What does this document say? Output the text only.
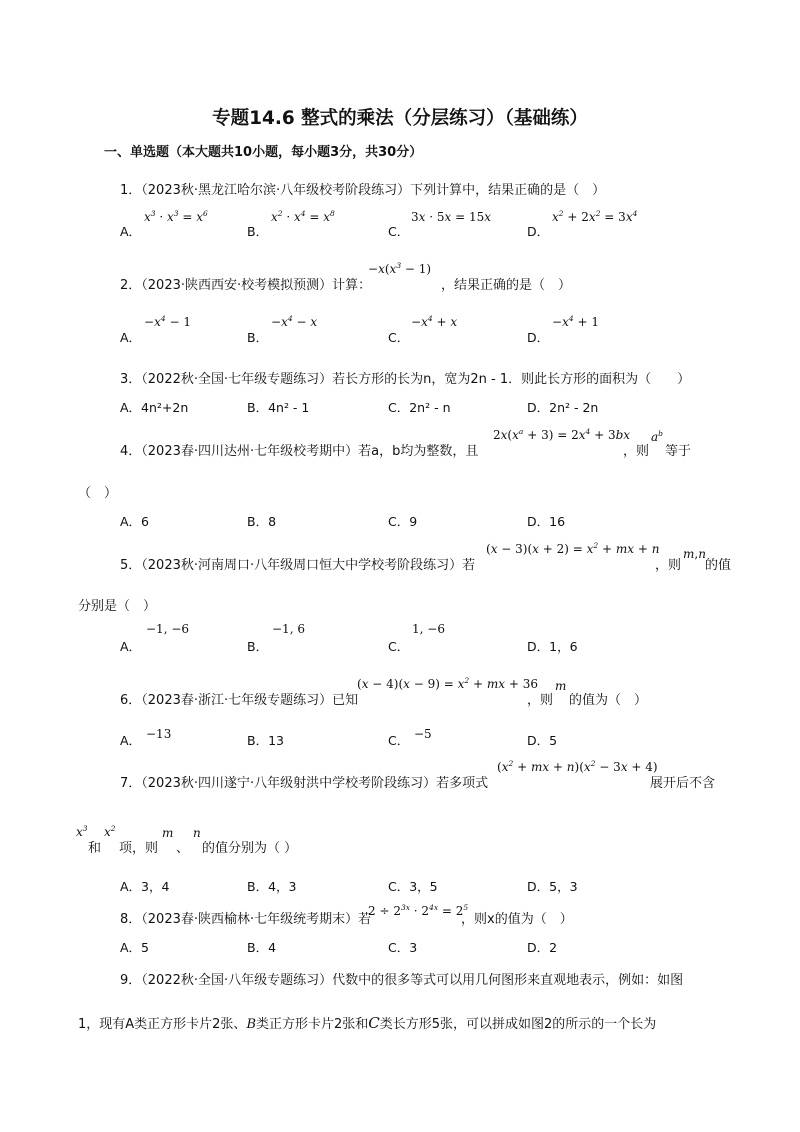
专题14.6 整式的乘法（分层练习）（基础练）
一、单选题（本大题共10小题，每小题3分，共30分）
1．（2023秋·黑龙江哈尔滨·八年级校考阶段练习）下列计算中，结果正确的是（　）
A．
$x^3 \cdot x^3 = x^6$
B．
$x^2 \cdot x^4 = x^8$
C．
3x · 5x = 15x
D．
$x^2 + 2x^2 = 3x^4$
2．（2023·陕西西安·校考模拟预测）计算：
$-x(x^3 - 1)$
，结果正确的是（　）
A．
$-x^4 - 1$
B．
$-x^4 - x$
C．
$-x^4 + x$
D．
$-x^4 + 1$
3．（2022秋·全国·七年级专题练习）若长方形的长为n，宽为2n - 1．则此长方形的面积为（　　）
A．4n²+2n	B．4n² - 1	C．2n² - n	D．2n² - 2n
4．（2023春·四川达州·七年级校考期中）若a，b均为整数，且
$2x(x^a + 3) = 2x^4 + 3bx$
，则
$a^b$
等于
（　）
A．6	B．8	C．9	D．16
5．（2023秋·河南周口·八年级周口恒大中学校考阶段练习）若
$(x - 3)(x + 2) = x^2$ + mx + n
，则
m,n
的值
分别是（　）
A．
−1, −6
B．
−1, 6
C．
1, −6
D．1，6
6．（2023春·浙江·七年级专题练习）已知
$(x - 4)(x - 9) = x^2$ + mx + 36
，则
m
的值为（　）
A． −13	B．13	C． −5	D．5
7．（2023秋·四川遂宁·八年级射洪中学校考阶段练习）若多项式
($x^2$ + mx + $n)(x^2 - 3x + 4)$
展开后不含
$x^3$
和
$x^2$
项，则
m
、
n
的值分别为（ ）
A．3，4	B．4，3	C．3，5	D．5，3
8．（2023春·陕西榆林·七年级统考期末）若
$2 \div 2^{3x} \cdot 2^{4x} = 2^5$
，则x的值为（　）
A．5	B．4	C．3	D．2
9．（2022秋·全国·八年级专题练习）代数中的很多等式可以用几何图形来直观地表示，例如：如图
1，现有A类正方形卡片2张、B类正方形卡片2张和C类长方形5张，可以拼成如图2的所示的一个长为
